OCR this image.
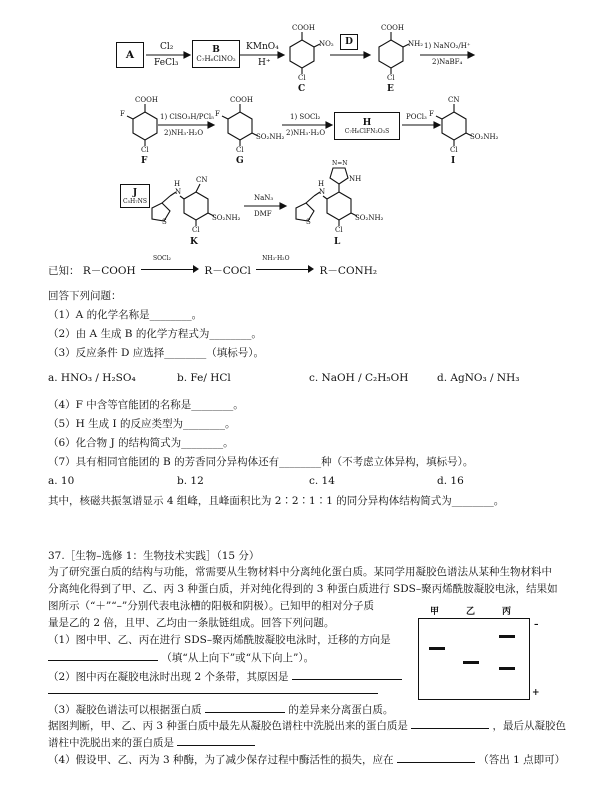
A
Cl₂
FeCl₃
B
C₇H₆ClNO₂
KMnO₄
H⁺
COOH
NO₂
Cl
C
D
COOH
NH₂
Cl
E
1) NaNO₂/H⁺
2)NaBF₄
COOH
F
Cl
F
1) ClSO₃H/PCl₅
2)NH₃·H₂O
COOH
F
SO₂NH₂
Cl
G
1) SOCl₂
2)NH₃·H₂O
H
C₇H₆ClFN₂O₃S
POCl₃
CN
F
SO₂NH₂
Cl
I
J
C₅H₇NS
H
N
CN
S	SO₂NH₂
Cl
K
NaN₃
DMF
N=N
NH
H
N
S	SO₂NH₂
Cl
L
已知： R－COOH
SOCl₂
R－COCl
NH₃·H₂O
R－CONH₂
回答下列问题：
（1）A 的化学名称是________。
（2）由 A 生成 B 的化学方程式为________。
（3）反应条件 D 应选择________（填标号）。
a. HNO₃ / H₂SO₄	b. Fe/ HCl	c. NaOH / C₂H₅OH	d. AgNO₃ / NH₃
（4）F 中含等官能团的名称是________。
（5）H 生成 I 的反应类型为________。
（6）化合物 J 的结构简式为________。
（7）具有相同官能团的 B 的芳香同分异构体还有________种（不考虑立体异构，填标号）。
a. 10	b. 12	c. 14	d. 16
其中，核磁共振氢谱显示 4 组峰，且峰面积比为 2∶2∶1∶1 的同分异构体结构简式为________。
37.［生物–选修 1：生物技术实践］（15 分）
为了研究蛋白质的结构与功能，常需要从生物材料中分离纯化蛋白质。某同学用凝胶色谱法从某种生物材料中
分离纯化得到了甲、乙、丙 3 种蛋白质，并对纯化得到的 3 种蛋白质进行 SDS–聚丙烯酰胺凝胶电泳，结果如
图所示（“＋”“–”分别代表电泳槽的阳极和阴极）。已知甲的相对分子质
量是乙的 2 倍，且甲、乙均由一条肽链组成。回答下列问题。
（1）图中甲、乙、丙在进行 SDS–聚丙烯酰胺凝胶电泳时，迁移的方向是
（填“从上向下”或“从下向上”）。
（2）图中丙在凝胶电泳时出现 2 个条带，其原因是
（3）凝胶色谱法可以根据蛋白质	的差异来分离蛋白质。
据图判断，甲、乙、丙 3 种蛋白质中最先从凝胶色谱柱中洗脱出来的蛋白质是	，最后从凝胶色
谱柱中洗脱出来的蛋白质是
（4）假设甲、乙、丙为 3 种酶，为了减少保存过程中酶活性的损失，应在	（答出 1 点即可）
甲	乙	丙
–
+
